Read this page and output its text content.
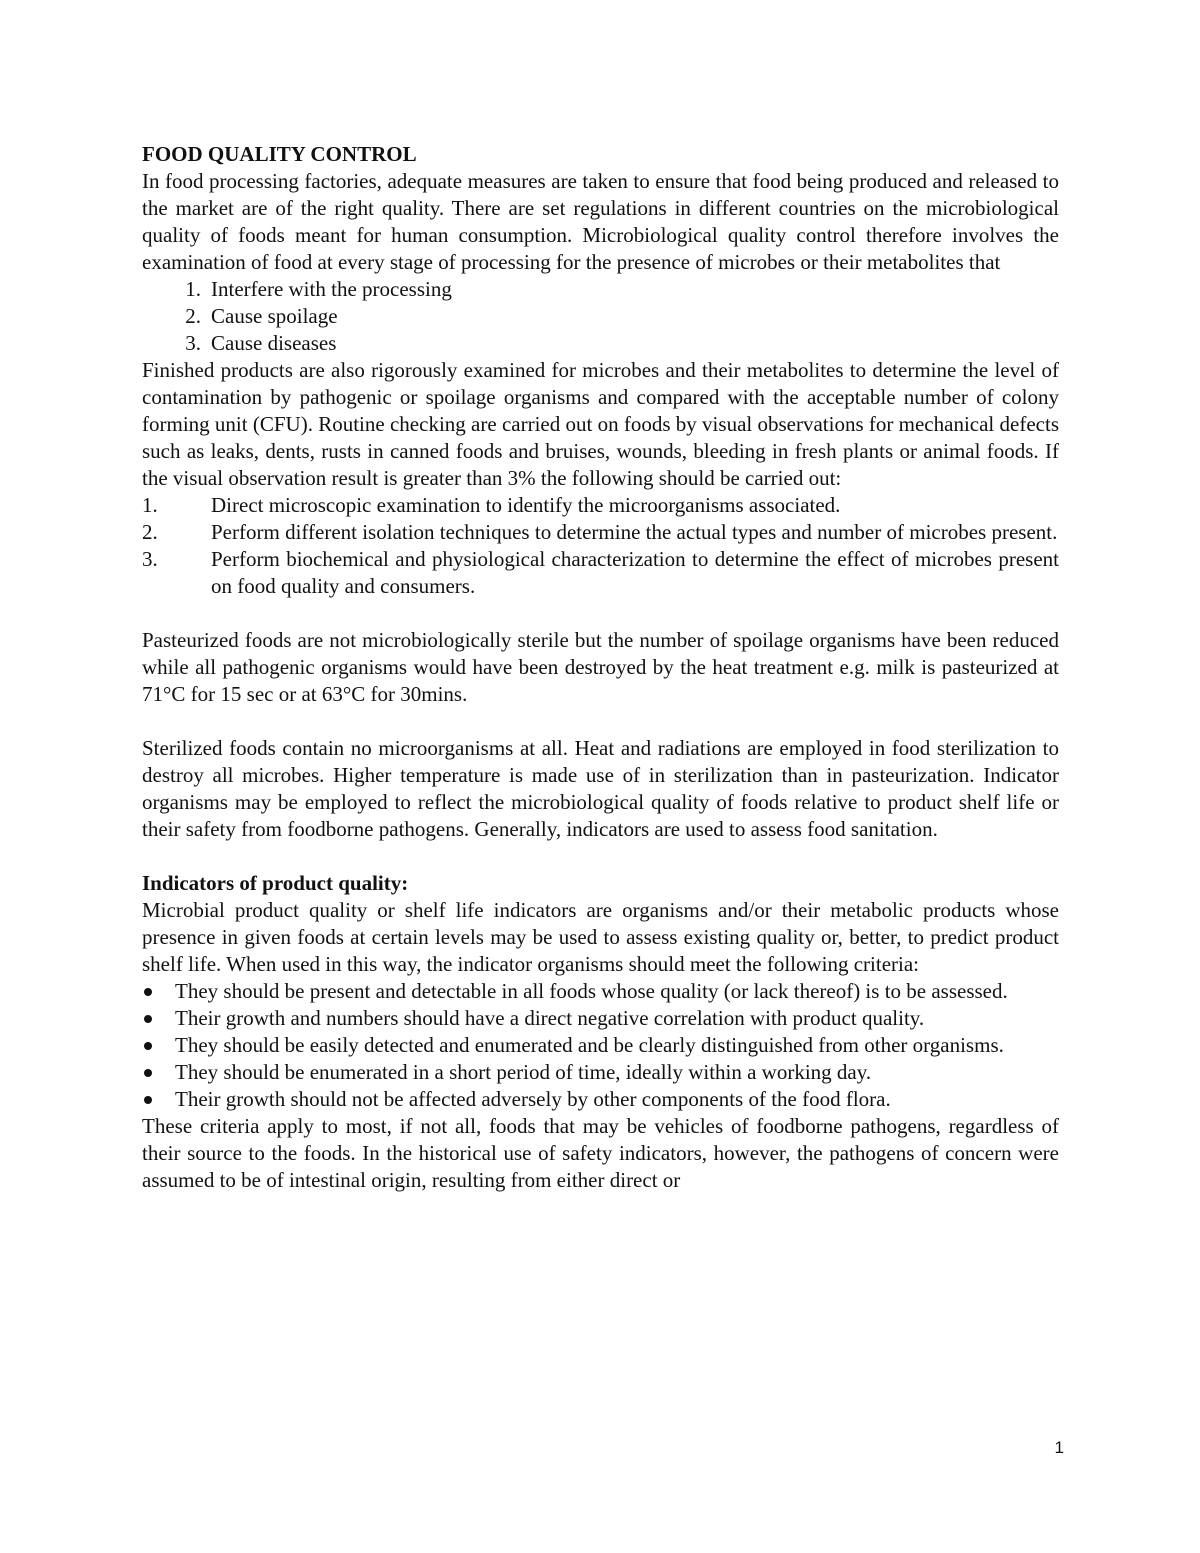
FOOD QUALITY CONTROL

In food processing factories, adequate measures are taken to ensure that food being produced and released to the market are of the right quality. There are set regulations in different countries on the microbiological quality of foods meant for human consumption. Microbiological quality control therefore involves the examination of food at every stage of processing for the presence of microbes or their metabolites that

1. Interfere with the processing
2. Cause spoilage
3. Cause diseases

Finished products are also rigorously examined for microbes and their metabolites to determine the level of contamination by pathogenic or spoilage organisms and compared with the acceptable number of colony forming unit (CFU). Routine checking are carried out on foods by visual observations for mechanical defects such as leaks, dents, rusts in canned foods and bruises, wounds, bleeding in fresh plants or animal foods. If the visual observation result is greater than 3% the following should be carried out:

1.	Direct microscopic examination to identify the microorganisms associated.
2.	Perform different isolation techniques to determine the actual types and number of microbes present.
3.	Perform biochemical and physiological characterization to determine the effect of microbes present on food quality and consumers.

Pasteurized foods are not microbiologically sterile but the number of spoilage organisms have been reduced while all pathogenic organisms would have been destroyed by the heat treatment e.g. milk is pasteurized at 71°C for 15 sec or at 63°C for 30mins.

Sterilized foods contain no microorganisms at all. Heat and radiations are employed in food sterilization to destroy all microbes. Higher temperature is made use of in sterilization than in pasteurization. Indicator organisms may be employed to reflect the microbiological quality of foods relative to product shelf life or their safety from foodborne pathogens. Generally, indicators are used to assess food sanitation.

Indicators of product quality:

Microbial product quality or shelf life indicators are organisms and/or their metabolic products whose presence in given foods at certain levels may be used to assess existing quality or, better, to predict product shelf life. When used in this way, the indicator organisms should meet the following criteria:

They should be present and detectable in all foods whose quality (or lack thereof) is to be assessed.
Their growth and numbers should have a direct negative correlation with product quality.
They should be easily detected and enumerated and be clearly distinguished from other organisms.
They should be enumerated in a short period of time, ideally within a working day.
Their growth should not be affected adversely by other components of the food flora.

These criteria apply to most, if not all, foods that may be vehicles of foodborne pathogens, regardless of their source to the foods. In the historical use of safety indicators, however, the pathogens of concern were assumed to be of intestinal origin, resulting from either direct or

1
